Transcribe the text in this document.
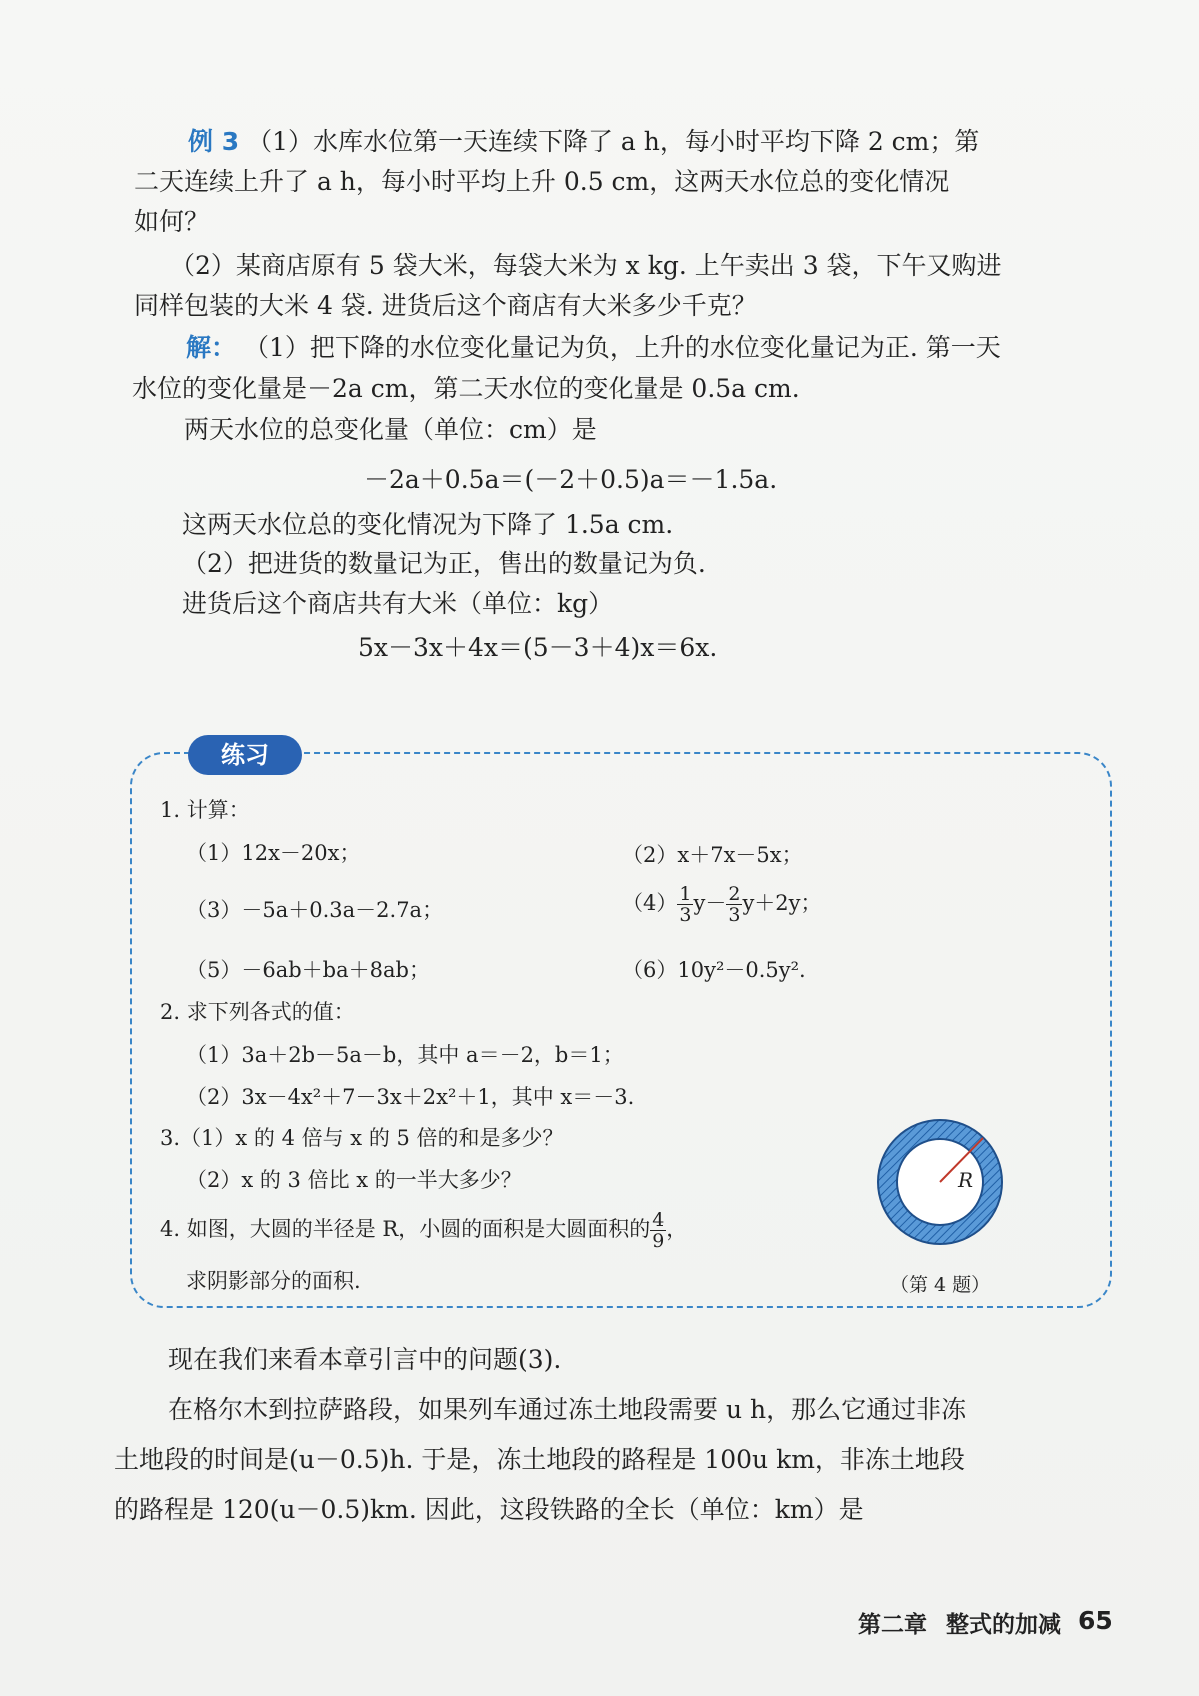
例 3 （1）水库水位第一天连续下降了 a h，每小时平均下降 2 cm；第
二天连续上升了 a h，每小时平均上升 0.5 cm，这两天水位总的变化情况
如何？
（2）某商店原有 5 袋大米，每袋大米为 x kg. 上午卖出 3 袋，下午又购进
同样包装的大米 4 袋. 进货后这个商店有大米多少千克？
解： （1）把下降的水位变化量记为负，上升的水位变化量记为正. 第一天
水位的变化量是－2a cm，第二天水位的变化量是 0.5a cm.
两天水位的总变化量（单位：cm）是
－2a＋0.5a＝(－2＋0.5)a＝－1.5a.
这两天水位总的变化情况为下降了 1.5a cm.
（2）把进货的数量记为正，售出的数量记为负.
进货后这个商店共有大米（单位：kg）
5x－3x＋4x＝(5－3＋4)x＝6x.
练习
1. 计算：
（1）12x－20x；	（2）x＋7x－5x；
（3）－5a＋0.3a－2.7a；	$(4) \frac{1}{3} y- \frac{2}{3} y+2y$；
（5）－6ab＋ba＋8ab；	（6）10y²－0.5y².
2. 求下列各式的值：
（1）3a＋2b－5a－b，其中 a＝－2，b＝1；
（2）3x－4x²＋7－3x＋2x²＋1，其中 x＝－3.
3.（1）x 的 4 倍与 x 的 5 倍的和是多少？
（2）x 的 3 倍比 x 的一半大多少？
4. 如图，大圆的半径是 R，小圆的面积是大圆面积的 $\frac{4}{9}$ ，
求阴影部分的面积.
R
（第 4 题）
现在我们来看本章引言中的问题(3).
在格尔木到拉萨路段，如果列车通过冻土地段需要 u h，那么它通过非冻
土地段的时间是(u－0.5)h. 于是，冻土地段的路程是 100u km，非冻土地段
的路程是 120(u－0.5)km. 因此，这段铁路的全长（单位：km）是
第二章 整式的加减 65
